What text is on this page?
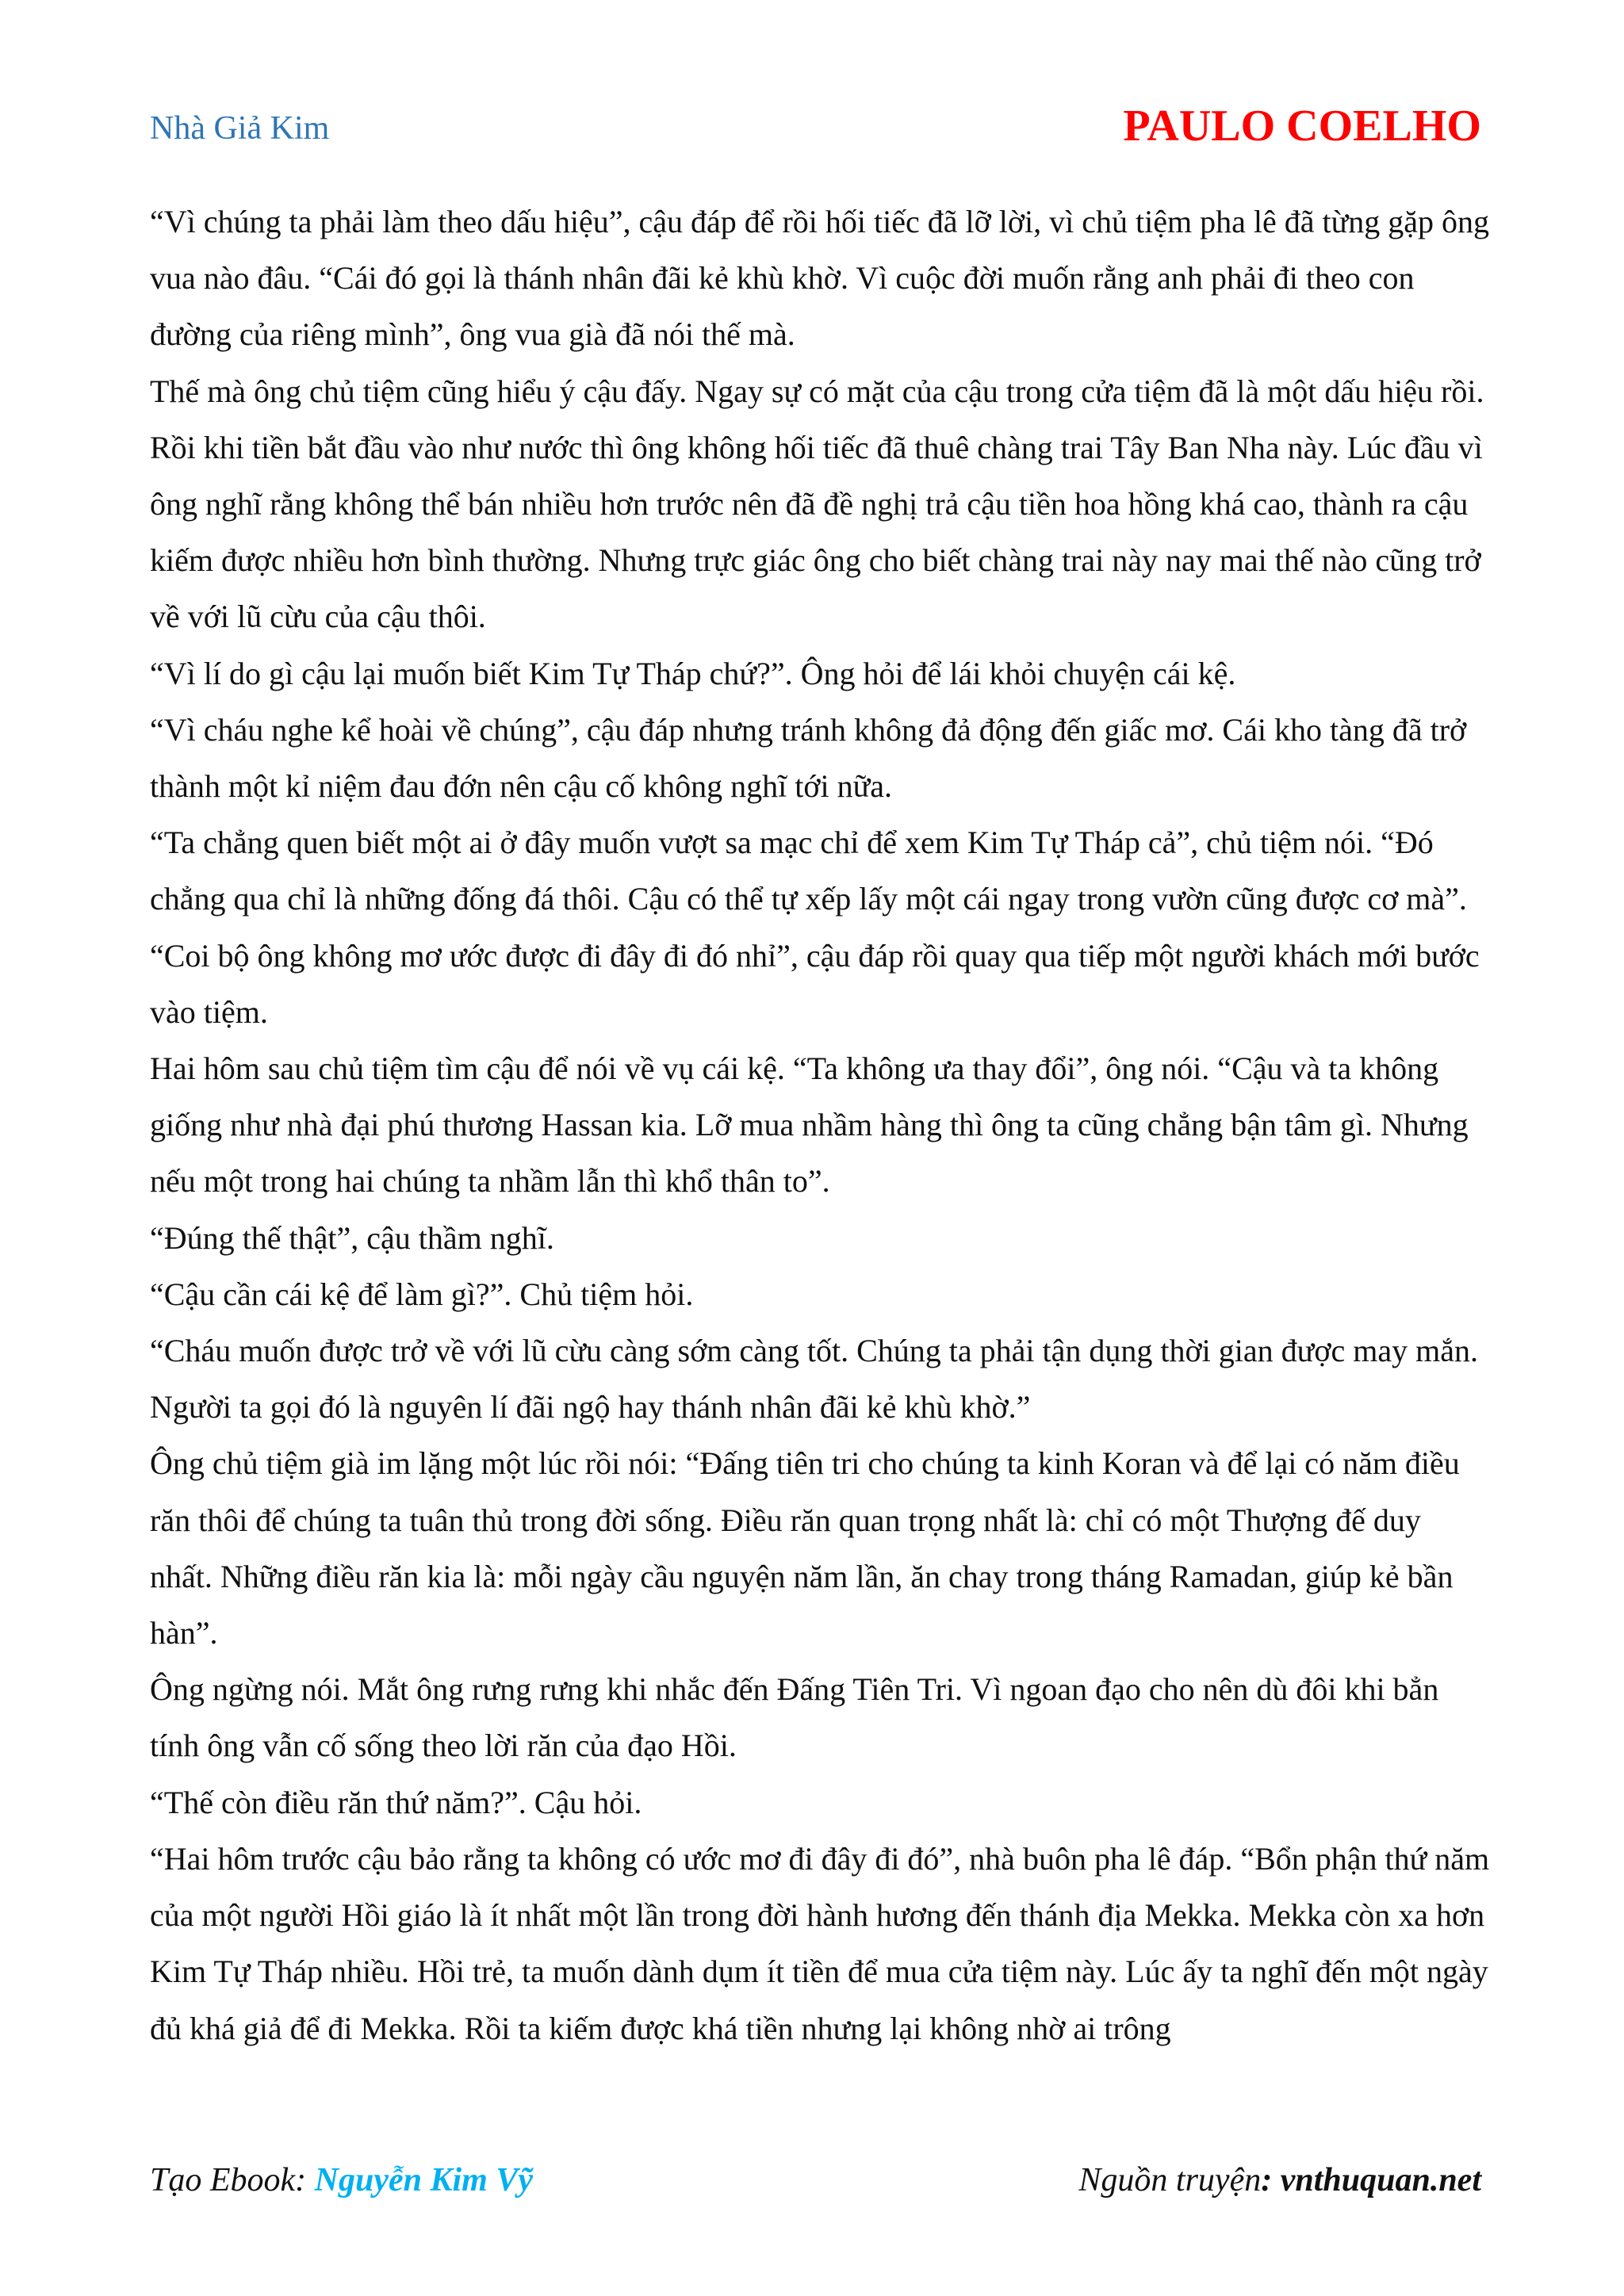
Nhà Giả Kim	PAULO COELHO

“Vì chúng ta phải làm theo dấu hiệu”, cậu đáp để rồi hối tiếc đã lỡ lời, vì chủ tiệm pha lê đã từng gặp ông vua nào đâu. “Cái đó gọi là thánh nhân đãi kẻ khù khờ. Vì cuộc đời muốn rằng anh phải đi theo con đường của riêng mình”, ông vua già đã nói thế mà.

Thế mà ông chủ tiệm cũng hiểu ý cậu đấy. Ngay sự có mặt của cậu trong cửa tiệm đã là một dấu hiệu rồi. Rồi khi tiền bắt đầu vào như nước thì ông không hối tiếc đã thuê chàng trai Tây Ban Nha này. Lúc đầu vì ông nghĩ rằng không thể bán nhiều hơn trước nên đã đề nghị trả cậu tiền hoa hồng khá cao, thành ra cậu kiếm được nhiều hơn bình thường. Nhưng trực giác ông cho biết chàng trai này nay mai thế nào cũng trở về với lũ cừu của cậu thôi.

“Vì lí do gì cậu lại muốn biết Kim Tự Tháp chứ?”. Ông hỏi để lái khỏi chuyện cái kệ.

“Vì cháu nghe kể hoài về chúng”, cậu đáp nhưng tránh không đả động đến giấc mơ. Cái kho tàng đã trở thành một kỉ niệm đau đớn nên cậu cố không nghĩ tới nữa.

“Ta chẳng quen biết một ai ở đây muốn vượt sa mạc chỉ để xem Kim Tự Tháp cả”, chủ tiệm nói. “Đó chẳng qua chỉ là những đống đá thôi. Cậu có thể tự xếp lấy một cái ngay trong vườn cũng được cơ mà”.

“Coi bộ ông không mơ ước được đi đây đi đó nhỉ”, cậu đáp rồi quay qua tiếp một người khách mới bước vào tiệm.

Hai hôm sau chủ tiệm tìm cậu để nói về vụ cái kệ. “Ta không ưa thay đổi”, ông nói. “Cậu và ta không giống như nhà đại phú thương Hassan kia. Lỡ mua nhầm hàng thì ông ta cũng chẳng bận tâm gì. Nhưng nếu một trong hai chúng ta nhầm lẫn thì khổ thân to”.

“Đúng thế thật”, cậu thầm nghĩ.

“Cậu cần cái kệ để làm gì?”. Chủ tiệm hỏi.

“Cháu muốn được trở về với lũ cừu càng sớm càng tốt. Chúng ta phải tận dụng thời gian được may mắn. Người ta gọi đó là nguyên lí đãi ngộ hay thánh nhân đãi kẻ khù khờ.”

Ông chủ tiệm già im lặng một lúc rồi nói: “Đấng tiên tri cho chúng ta kinh Koran và để lại có năm điều răn thôi để chúng ta tuân thủ trong đời sống. Điều răn quan trọng nhất là: chỉ có một Thượng đế duy nhất. Những điều răn kia là: mỗi ngày cầu nguyện năm lần, ăn chay trong tháng Ramadan, giúp kẻ bần hàn”.

Ông ngừng nói. Mắt ông rưng rưng khi nhắc đến Đấng Tiên Tri. Vì ngoan đạo cho nên dù đôi khi bẳn tính ông vẫn cố sống theo lời răn của đạo Hồi.

“Thế còn điều răn thứ năm?”. Cậu hỏi.

“Hai hôm trước cậu bảo rằng ta không có ước mơ đi đây đi đó”, nhà buôn pha lê đáp. “Bổn phận thứ năm của một người Hồi giáo là ít nhất một lần trong đời hành hương đến thánh địa Mekka. Mekka còn xa hơn Kim Tự Tháp nhiều. Hồi trẻ, ta muốn dành dụm ít tiền để mua cửa tiệm này. Lúc ấy ta nghĩ đến một ngày đủ khá giả để đi Mekka. Rồi ta kiếm được khá tiền nhưng lại không nhờ ai trông

Tạo Ebook: Nguyễn Kim Vỹ	Nguồn truyện: vnthuquan.net
